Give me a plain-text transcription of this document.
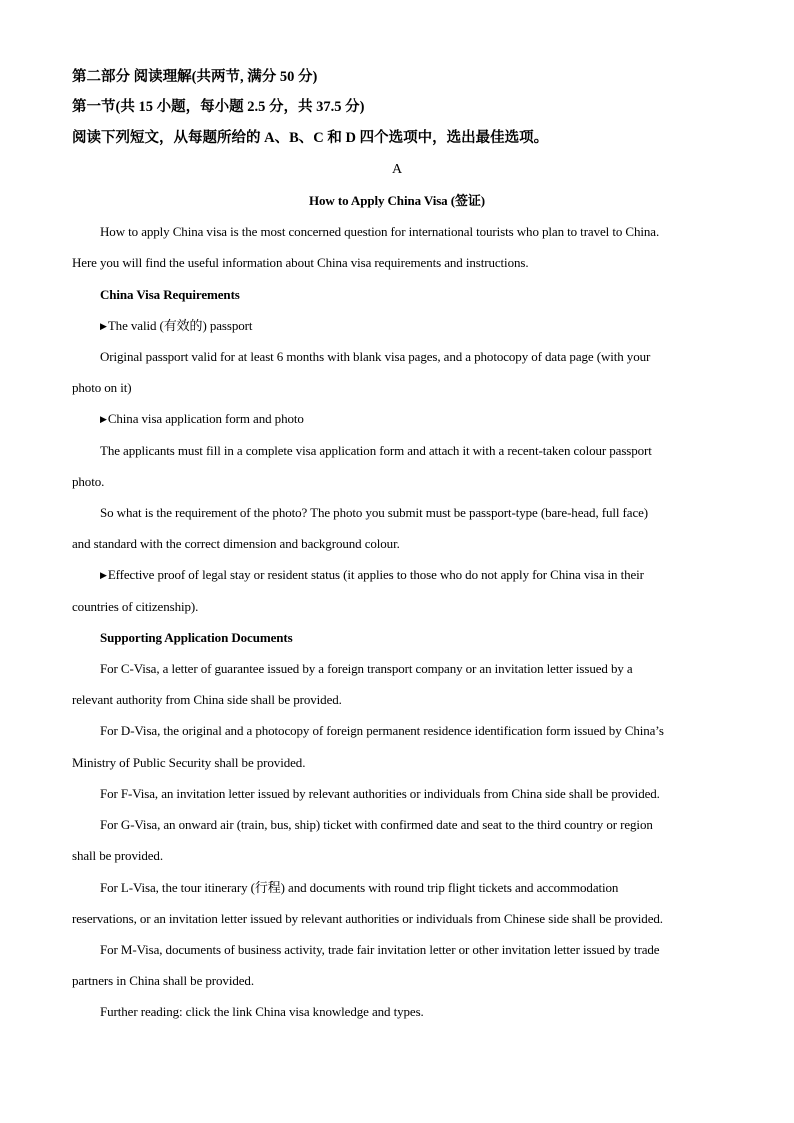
第二部分 阅读理解(共两节, 满分 50 分)
第一节(共 15 小题，每小题 2.5 分，共 37.5 分)
阅读下列短文，从每题所给的 A、B、C 和 D 四个选项中，选出最佳选项。
A
How to Apply China Visa (签证)
How to apply China visa is the most concerned question for international tourists who plan to travel to China.
Here you will find the useful information about China visa requirements and instructions.
China Visa Requirements
▶The valid (有效的) passport
Original passport valid for at least 6 months with blank visa pages, and a photocopy of data page (with your
photo on it)
▶China visa application form and photo
The applicants must fill in a complete visa application form and attach it with a recent-taken colour passport
photo.
So what is the requirement of the photo? The photo you submit must be passport-type (bare-head, full face)
and standard with the correct dimension and background colour.
▶Effective proof of legal stay or resident status (it applies to those who do not apply for China visa in their
countries of citizenship).
Supporting Application Documents
For C-Visa, a letter of guarantee issued by a foreign transport company or an invitation letter issued by a
relevant authority from China side shall be provided.
For D-Visa, the original and a photocopy of foreign permanent residence identification form issued by China’s
Ministry of Public Security shall be provided.
For F-Visa, an invitation letter issued by relevant authorities or individuals from China side shall be provided.
For G-Visa, an onward air (train, bus, ship) ticket with confirmed date and seat to the third country or region
shall be provided.
For L-Visa, the tour itinerary (行程) and documents with round trip flight tickets and accommodation
reservations, or an invitation letter issued by relevant authorities or individuals from Chinese side shall be provided.
For M-Visa, documents of business activity, trade fair invitation letter or other invitation letter issued by trade
partners in China shall be provided.
Further reading: click the link China visa knowledge and types.
